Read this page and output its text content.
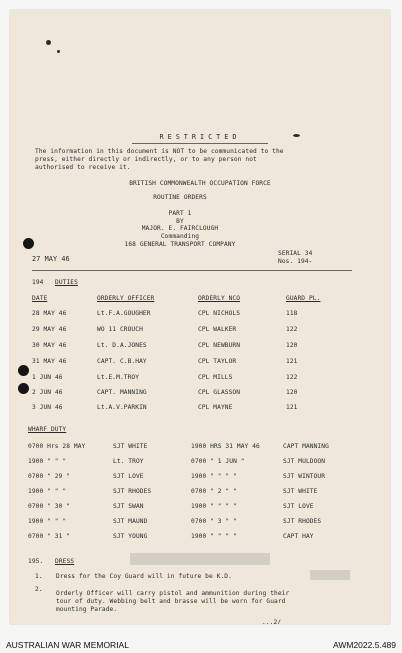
RESTRICTED
The information in this document is NOT to be communicated to the
press, either directly or indirectly, or to any person not
authorised to receive it.
BRITISH COMMONWEALTH OCCUPATION FORCE
ROUTINE ORDERS
PART 1
BY
MAJOR. E. FAIRCLOUGH
Commanding
168 GENERAL TRANSPORT COMPANY
27 MAY 46
SERIAL 34
Nos. 194-
194 DUTIES
DATE	ORDERLY OFFICER	ORDERLY NCO	GUARD PL.
28 MAY 46	Lt.F.A.GOUGHER	CPL NICHOLS	118
29 MAY 46	WO 11 CROUCH	CPL WALKER	122
30 MAY 46	Lt. D.A.JONES	CPL NEWBURN	120
31 MAY 46	CAPT. C.B.HAY	CPL TAYLOR	121
1 JUN 46	Lt.E.M.TROY	CPL MILLS	122
2 JUN 46	CAPT. MANNING	CPL GLASSON	120
3 JUN 46	Lt.A.V.PARKIN	CPL MAYNE	121
WHARF DUTY
0700 Hrs 28 MAY	SJT WHITE	1900 HRS 31 MAY 46	CAPT MANNING
1900 " " "	Lt. TROY	0700 " 1 JUN "	SJT MULDOON
0700 " 29 "	SJT LOVE	1900 " " " "	SJT WINTOUR
1900 " " "	SJT RHODES	0700 " 2 " "	SJT WHITE
0700 " 30 "	SJT SWAN	1900 " " " "	SJT LOVE
1900 " " "	SJT MAUND	0700 " 3 " "	SJT RHODES
0700 " 31 "	SJT YOUNG	1900 " " " "	CAPT HAY
195. DRESS
1. Dress for the Coy Guard will in future be K.D.
2.
Orderly Officer will carry pistol and ammunition during their
tour of duty. Webbing belt and brasse will be worn for Guard
mounting Parade.
...2/
AUSTRALIAN WAR MEMORIAL	AWM2022.5.489
